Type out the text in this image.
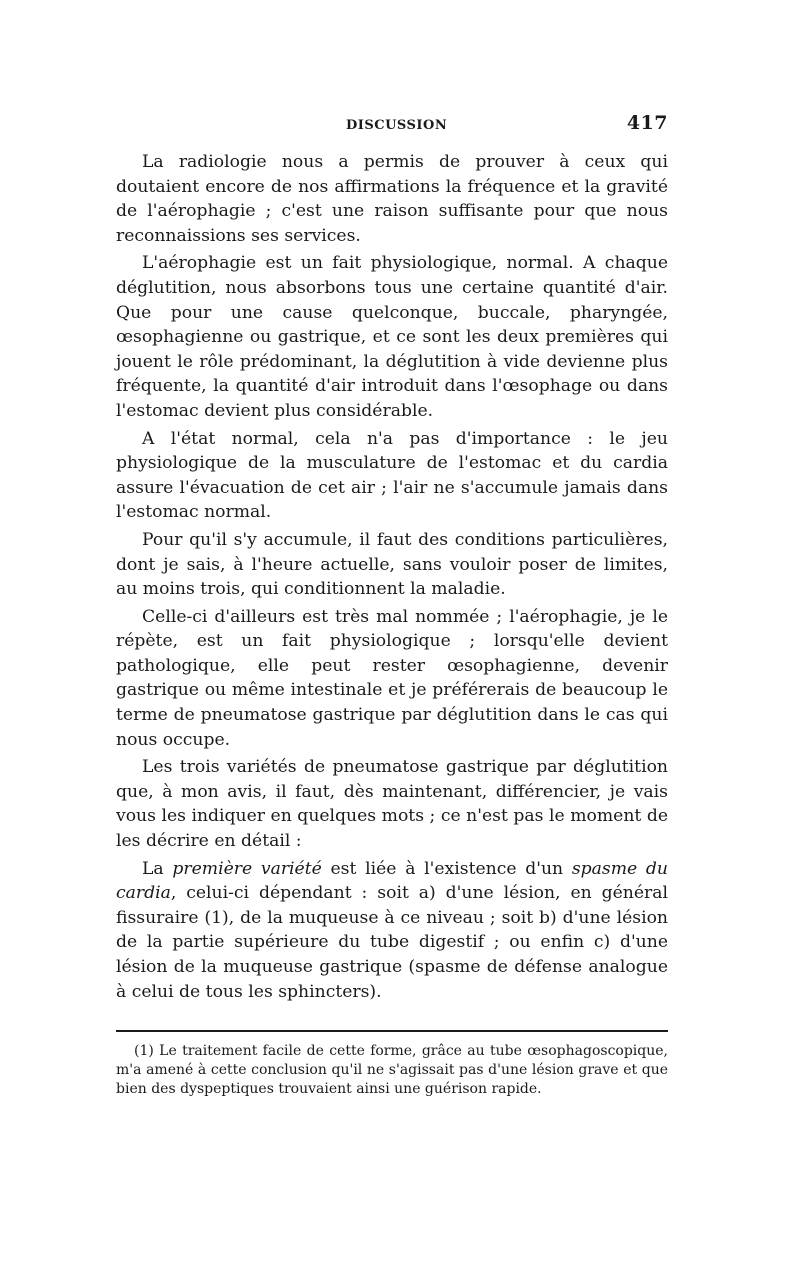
DISCUSSION	417

La radiologie nous a permis de prouver à ceux qui doutaient encore de nos affirmations la fréquence et la gravité de l'aérophagie ; c'est une raison suffisante pour que nous reconnaissions ses services.

L'aérophagie est un fait physiologique, normal. A chaque déglutition, nous absorbons tous une certaine quantité d'air. Que pour une cause quelconque, buccale, pharyngée, œsophagienne ou gastrique, et ce sont les deux premières qui jouent le rôle prédominant, la déglutition à vide devienne plus fréquente, la quantité d'air introduit dans l'œsophage ou dans l'estomac devient plus considérable.

A l'état normal, cela n'a pas d'importance : le jeu physiologique de la musculature de l'estomac et du cardia assure l'évacuation de cet air ; l'air ne s'accumule jamais dans l'estomac normal.

Pour qu'il s'y accumule, il faut des conditions particulières, dont je sais, à l'heure actuelle, sans vouloir poser de limites, au moins trois, qui conditionnent la maladie.

Celle-ci d'ailleurs est très mal nommée ; l'aérophagie, je le répète, est un fait physiologique ; lorsqu'elle devient pathologique, elle peut rester œsophagienne, devenir gastrique ou même intestinale et je préférerais de beaucoup le terme de pneumatose gastrique par déglutition dans le cas qui nous occupe.

Les trois variétés de pneumatose gastrique par déglutition que, à mon avis, il faut, dès maintenant, différencier, je vais vous les indiquer en quelques mots ; ce n'est pas le moment de les décrire en détail :

La première variété est liée à l'existence d'un spasme du cardia, celui-ci dépendant : soit a) d'une lésion, en général fissuraire (1), de la muqueuse à ce niveau ; soit b) d'une lésion de la partie supérieure du tube digestif ; ou enfin c) d'une lésion de la muqueuse gastrique (spasme de défense analogue à celui de tous les sphincters).

(1) Le traitement facile de cette forme, grâce au tube œsophagoscopique, m'a amené à cette conclusion qu'il ne s'agissait pas d'une lésion grave et que bien des dyspeptiques trouvaient ainsi une guérison rapide.
